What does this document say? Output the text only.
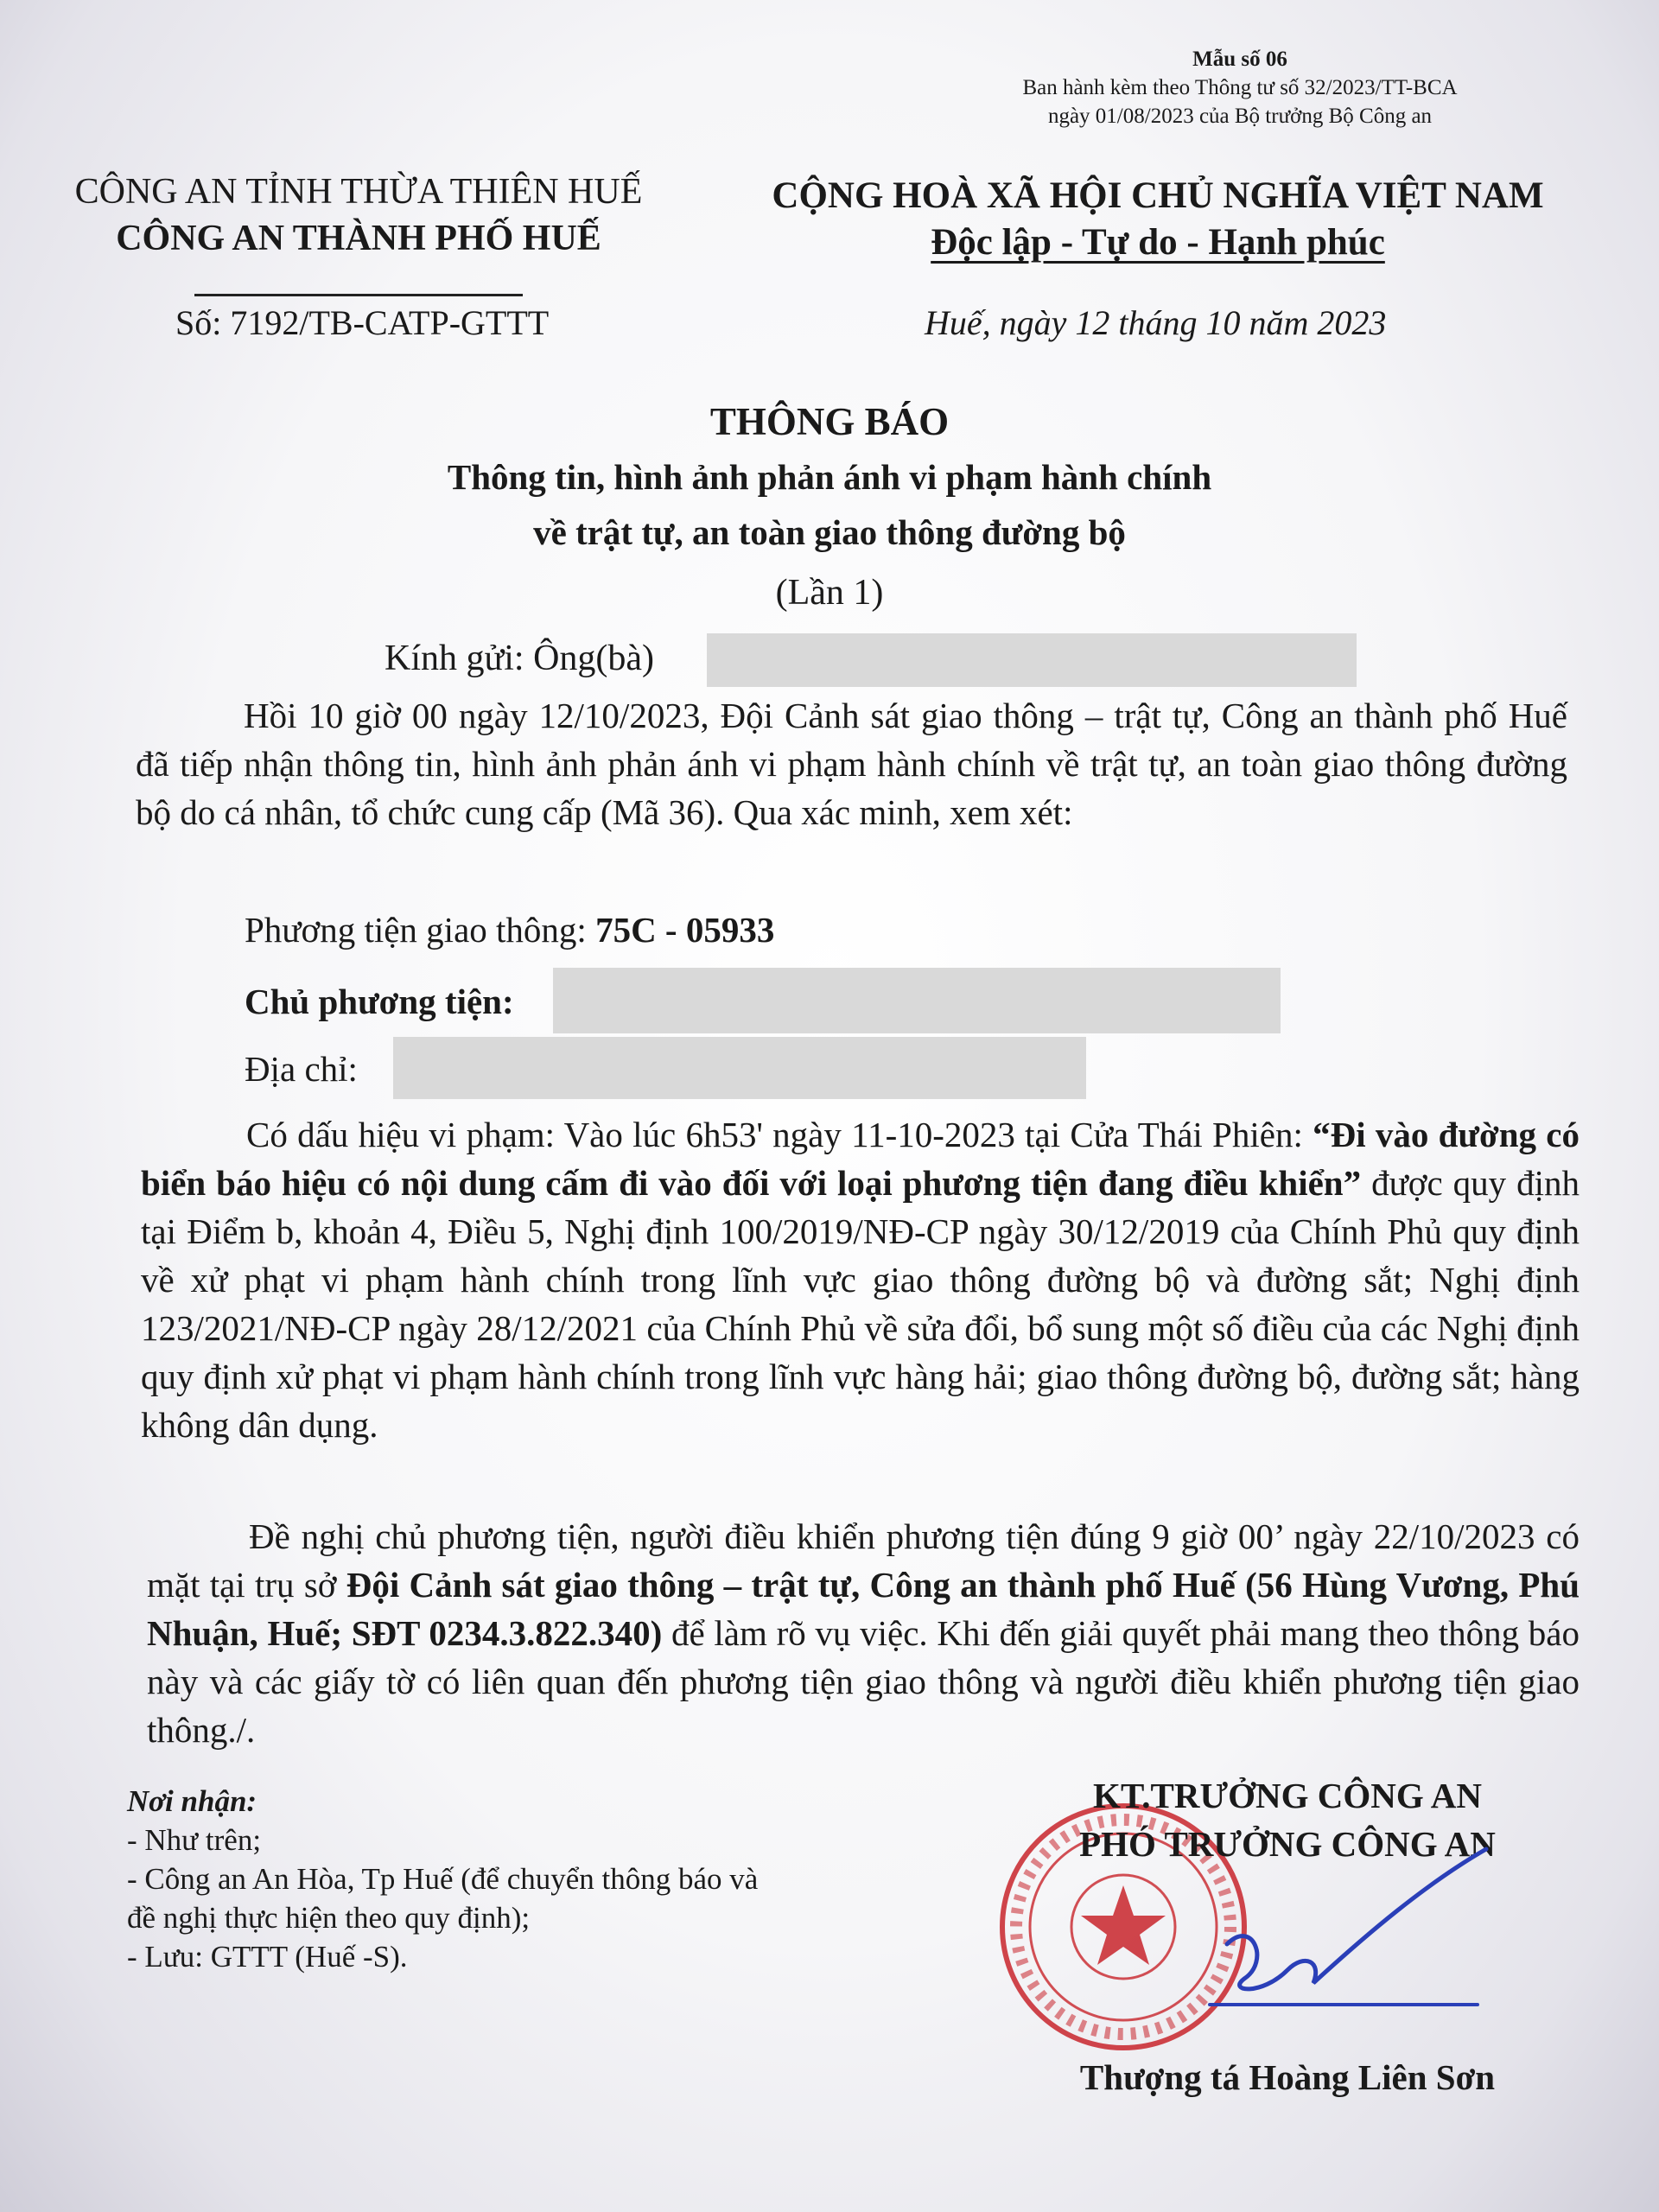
Mẫu số 06
Ban hành kèm theo Thông tư số 32/2023/TT-BCA
ngày 01/08/2023 của Bộ trưởng Bộ Công an
CÔNG AN TỈNH THỪA THIÊN HUẾ
CÔNG AN THÀNH PHỐ HUẾ
CỘNG HOÀ XÃ HỘI CHỦ NGHĨA VIỆT NAM
Độc lập - Tự do - Hạnh phúc
Số: 7192/TB-CATP-GTTT	Huế, ngày 12 tháng 10 năm 2023
THÔNG BÁO
Thông tin, hình ảnh phản ánh vi phạm hành chính
về trật tự, an toàn giao thông đường bộ
(Lần 1)
Kính gửi: Ông(bà)
Hồi 10 giờ 00 ngày 12/10/2023, Đội Cảnh sát giao thông – trật tự, Công an thành phố Huế đã tiếp nhận thông tin, hình ảnh phản ánh vi phạm hành chính về trật tự, an toàn giao thông đường bộ do cá nhân, tổ chức cung cấp (Mã 36). Qua xác minh, xem xét:
Phương tiện giao thông: 75C - 05933
Chủ phương tiện:
Địa chỉ:
Có dấu hiệu vi phạm: Vào lúc 6h53' ngày 11-10-2023 tại Cửa Thái Phiên: “Đi vào đường có biển báo hiệu có nội dung cấm đi vào đối với loại phương tiện đang điều khiển” được quy định tại Điểm b, khoản 4, Điều 5, Nghị định 100/2019/NĐ-CP ngày 30/12/2019 của Chính Phủ quy định về xử phạt vi phạm hành chính trong lĩnh vực giao thông đường bộ và đường sắt; Nghị định 123/2021/NĐ-CP ngày 28/12/2021 của Chính Phủ về sửa đổi, bổ sung một số điều của các Nghị định quy định xử phạt vi phạm hành chính trong lĩnh vực hàng hải; giao thông đường bộ, đường sắt; hàng không dân dụng.
Đề nghị chủ phương tiện, người điều khiển phương tiện đúng 9 giờ 00’ ngày 22/10/2023 có mặt tại trụ sở Đội Cảnh sát giao thông – trật tự, Công an thành phố Huế (56 Hùng Vương, Phú Nhuận, Huế; SĐT 0234.3.822.340) để làm rõ vụ việc. Khi đến giải quyết phải mang theo thông báo này và các giấy tờ có liên quan đến phương tiện giao thông và người điều khiển phương tiện giao thông./.
Nơi nhận:
- Như trên;
- Công an An Hòa, Tp Huế (để chuyển thông báo và
đề nghị thực hiện theo quy định);
- Lưu: GTTT (Huế -S).
KT.TRƯỞNG CÔNG AN
PHÓ TRƯỞNG CÔNG AN
Thượng tá Hoàng Liên Sơn
